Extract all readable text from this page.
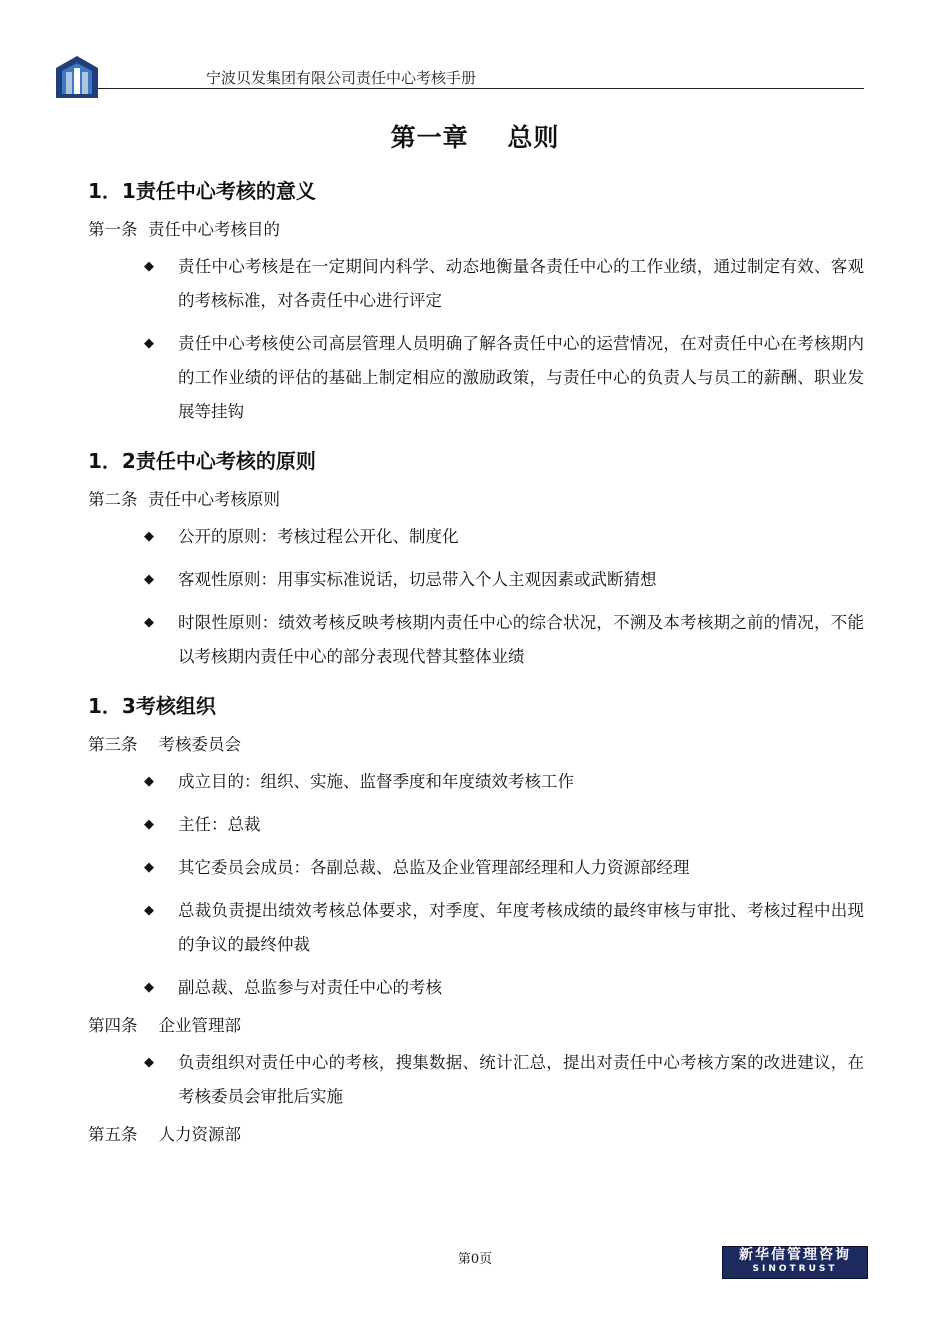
宁波贝发集团有限公司责任中心考核手册
第一章    总则
1．1责任中心考核的意义
第一条  责任中心考核目的
◆ 责任中心考核是在一定期间内科学、动态地衡量各责任中心的工作业绩，通过制定有效、客观的考核标准，对各责任中心进行评定
◆ 责任中心考核使公司高层管理人员明确了解各责任中心的运营情况，在对责任中心在考核期内的工作业绩的评估的基础上制定相应的激励政策，与责任中心的负责人与员工的薪酬、职业发展等挂钩
1．2责任中心考核的原则
第二条  责任中心考核原则
◆ 公开的原则：考核过程公开化、制度化
◆ 客观性原则：用事实标准说话，切忌带入个人主观因素或武断猜想
◆ 时限性原则：绩效考核反映考核期内责任中心的综合状况，不溯及本考核期之前的情况，不能以考核期内责任中心的部分表现代替其整体业绩
1．3考核组织
第三条    考核委员会
◆ 成立目的：组织、实施、监督季度和年度绩效考核工作
◆ 主任：总裁
◆ 其它委员会成员：各副总裁、总监及企业管理部经理和人力资源部经理
◆ 总裁负责提出绩效考核总体要求，对季度、年度考核成绩的最终审核与审批、考核过程中出现的争议的最终仲裁
◆ 副总裁、总监参与对责任中心的考核
第四条    企业管理部
◆ 负责组织对责任中心的考核，搜集数据、统计汇总，提出对责任中心考核方案的改进建议，在考核委员会审批后实施
第五条    人力资源部
第0页	新华信管理咨询
SINOTRUST
